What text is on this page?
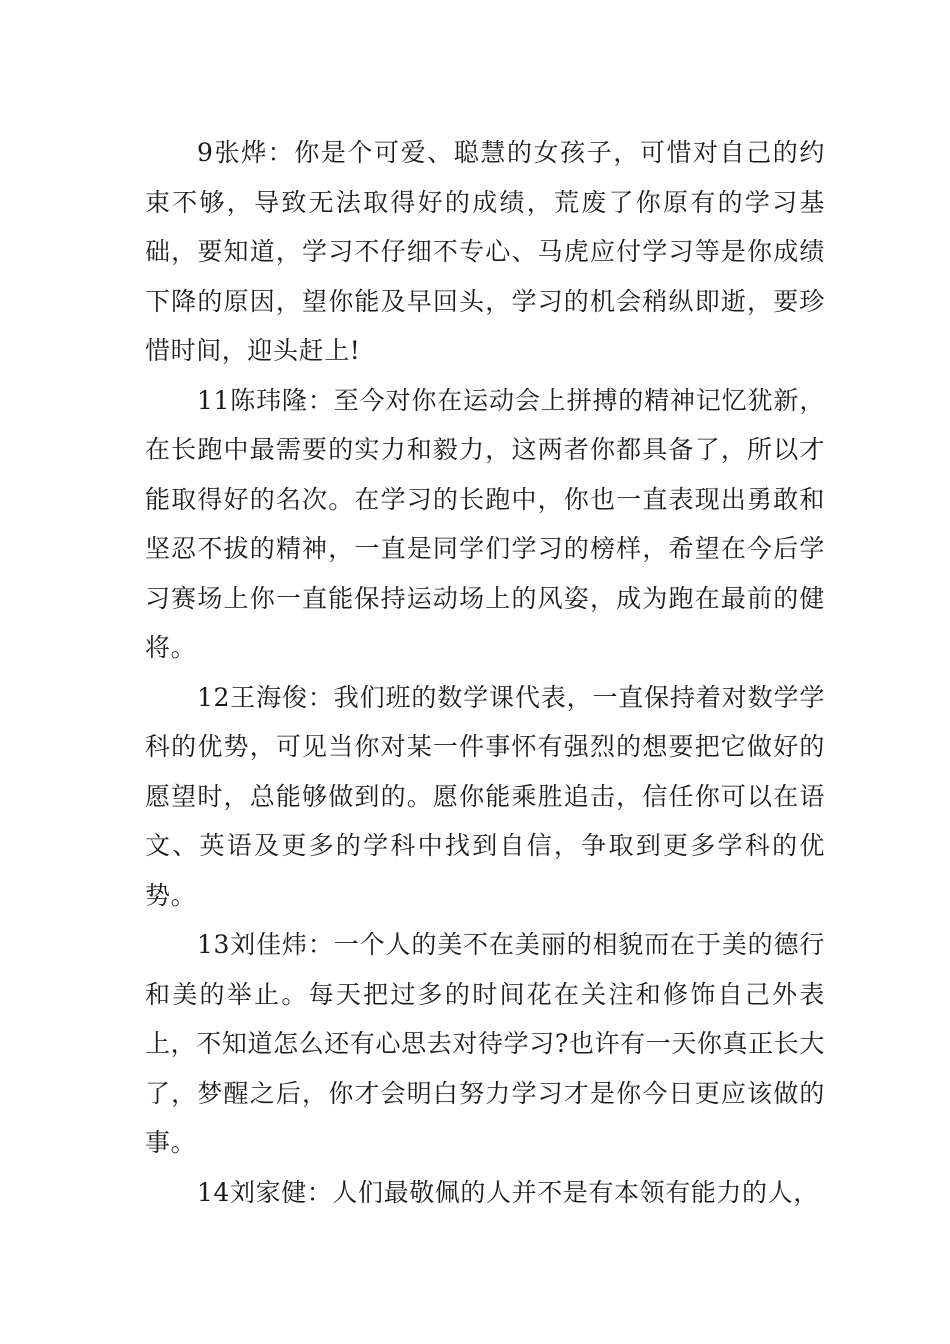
9张烨：你是个可爱、聪慧的女孩子，可惜对自己的约束不够，导致无法取得好的成绩，荒废了你原有的学习基础，要知道，学习不仔细不专心、马虎应付学习等是你成绩下降的原因，望你能及早回头，学习的机会稍纵即逝，要珍惜时间，迎头赶上!

11陈玮隆：至今对你在运动会上拼搏的精神记忆犹新，在长跑中最需要的实力和毅力，这两者你都具备了，所以才能取得好的名次。在学习的长跑中，你也一直表现出勇敢和坚忍不拔的精神，一直是同学们学习的榜样，希望在今后学习赛场上你一直能保持运动场上的风姿，成为跑在最前的健将。

12王海俊：我们班的数学课代表，一直保持着对数学学科的优势，可见当你对某一件事怀有强烈的想要把它做好的愿望时，总能够做到的。愿你能乘胜追击，信任你可以在语文、英语及更多的学科中找到自信，争取到更多学科的优势。

13刘佳炜：一个人的美不在美丽的相貌而在于美的德行和美的举止。每天把过多的时间花在关注和修饰自己外表上，不知道怎么还有心思去对待学习?也许有一天你真正长大了，梦醒之后，你才会明白努力学习才是你今日更应该做的事。

14刘家健：人们最敬佩的人并不是有本领有能力的人，
